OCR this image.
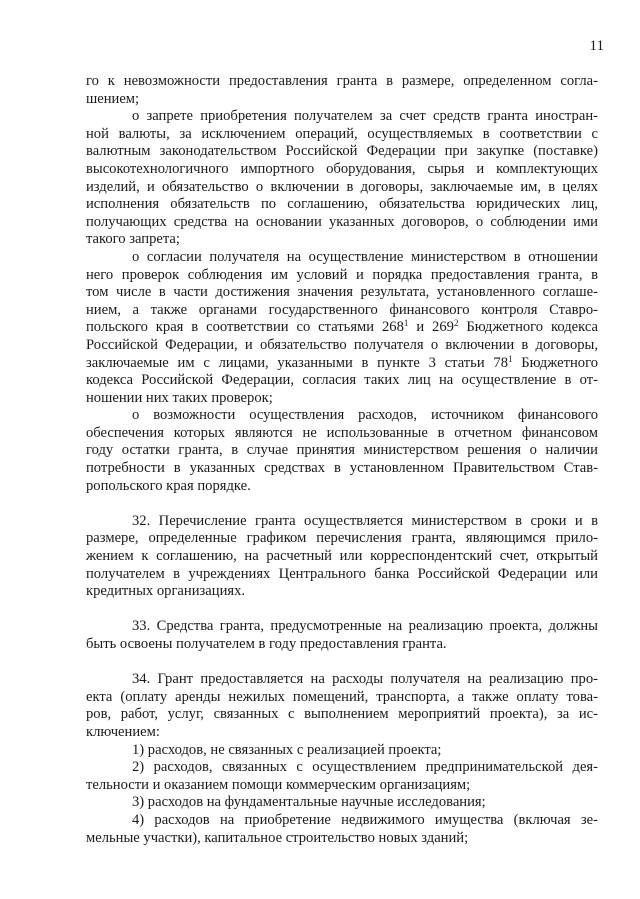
11
го к невозможности предоставления гранта в размере, определенном согла-
шением;
о запрете приобретения получателем за счет средств гранта иностран-
ной валюты, за исключением операций, осуществляемых в соответствии с
валютным законодательством Российской Федерации при закупке (поставке)
высокотехнологичного импортного оборудования, сырья и комплектующих
изделий, и обязательство о включении в договоры, заключаемые им, в целях
исполнения обязательств по соглашению, обязательства юридических лиц,
получающих средства на основании указанных договоров, о соблюдении ими
такого запрета;
о согласии получателя на осуществление министерством в отношении
него проверок соблюдения им условий и порядка предоставления гранта, в
том числе в части достижения значения результата, установленного соглаше-
нием, а также органами государственного финансового контроля Ставро-
польского края в соответствии со статьями $268^1$ и $269^2$ Бюджетного кодекса
Российской Федерации, и обязательство получателя о включении в договоры,
заключаемые им с лицами, указанными в пункте 3 статьи $78^1$ Бюджетного
кодекса Российской Федерации, согласия таких лиц на осуществление в от-
ношении них таких проверок;
о возможности осуществления расходов, источником финансового
обеспечения которых являются не использованные в отчетном финансовом
году остатки гранта, в случае принятия министерством решения о наличии
потребности в указанных средствах в установленном Правительством Став-
ропольского края порядке.
32. Перечисление гранта осуществляется министерством в сроки и в
размере, определенные графиком перечисления гранта, являющимся прило-
жением к соглашению, на расчетный или корреспондентский счет, открытый
получателем в учреждениях Центрального банка Российской Федерации или
кредитных организациях.
33. Средства гранта, предусмотренные на реализацию проекта, должны
быть освоены получателем в году предоставления гранта.
34. Грант предоставляется на расходы получателя на реализацию про-
екта (оплату аренды нежилых помещений, транспорта, а также оплату това-
ров, работ, услуг, связанных с выполнением мероприятий проекта), за ис-
ключением:
1) расходов, не связанных с реализацией проекта;
2) расходов, связанных с осуществлением предпринимательской дея-
тельности и оказанием помощи коммерческим организациям;
3) расходов на фундаментальные научные исследования;
4) расходов на приобретение недвижимого имущества (включая зе-
мельные участки), капитальное строительство новых зданий;
